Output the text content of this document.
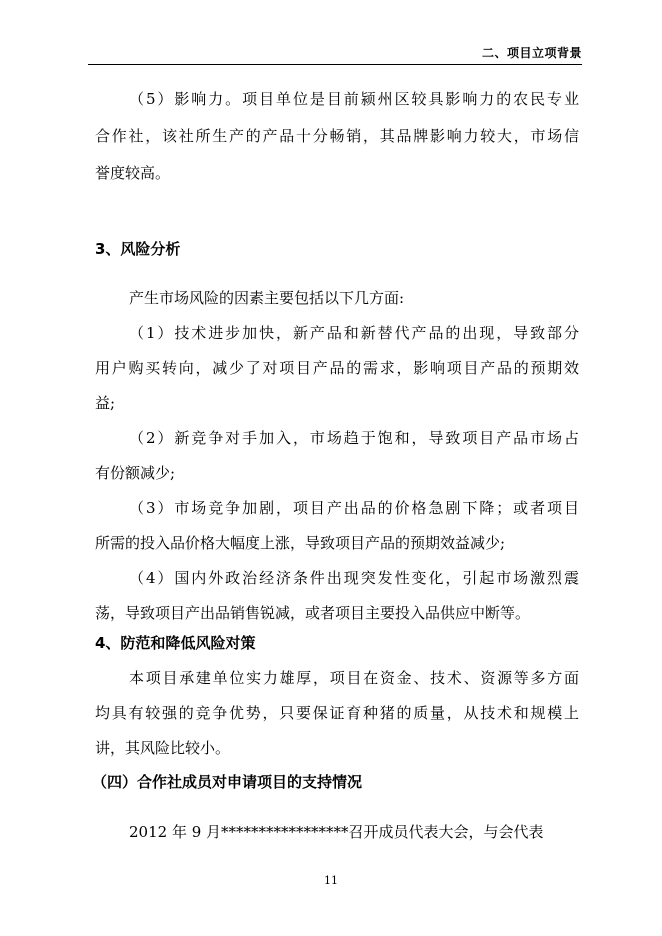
二、项目立项背景
（5）影响力。项目单位是目前颍州区较具影响力的农民专业
合作社，该社所生产的产品十分畅销，其品牌影响力较大，市场信
誉度较高。
3、风险分析
产生市场风险的因素主要包括以下几方面:
（1）技术进步加快，新产品和新替代产品的出现，导致部分
用户购买转向，减少了对项目产品的需求，影响项目产品的预期效
益;
（2）新竞争对手加入，市场趋于饱和，导致项目产品市场占
有份额减少;
（3）市场竞争加剧，项目产出品的价格急剧下降；或者项目
所需的投入品价格大幅度上涨，导致项目产品的预期效益减少;
（4）国内外政治经济条件出现突发性变化，引起市场激烈震
荡，导致项目产出品销售锐减，或者项目主要投入品供应中断等。
4、防范和降低风险对策
本项目承建单位实力雄厚，项目在资金、技术、资源等多方面
均具有较强的竞争优势，只要保证育种猪的质量，从技术和规模上
讲，其风险比较小。
（四）合作社成员对申请项目的支持情况
2012 年 9 月*****************召开成员代表大会，与会代表
11
